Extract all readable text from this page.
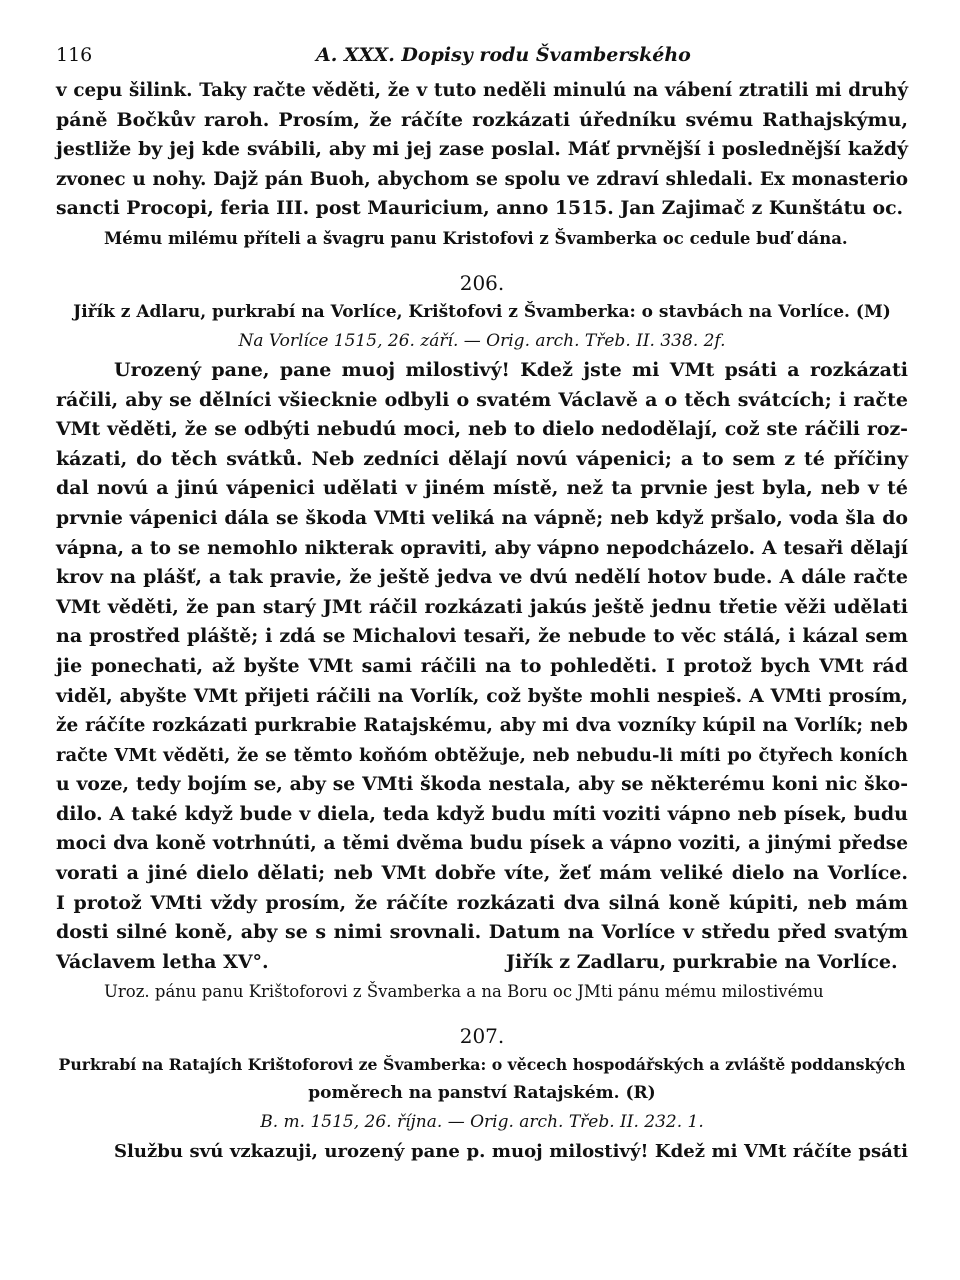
116	A. XXX. Dopisy rodu Švamberského
v cepu šilink. Taky račte věděti, že v tuto neděli minulú na vábení ztratili mi druhý
páně Bočkův raroh. Prosím, že ráčíte rozkázati úředníku svému Rathajskýmu,
jestliže by jej kde svábili, aby mi jej zase poslal. Máť prvnější i poslednější každý
zvonec u nohy. Dajž pán Buoh, abychom se spolu ve zdraví shledali. Ex monasterio
sancti Procopi, feria III. post Mauricium, anno 1515. Jan Zajimač z Kunštátu oc.
Mému milému příteli a švagru panu Kristofovi z Švamberka oc cedule buď dána.
206.
Jiřík z Adlaru, purkrabí na Vorlíce, Krištofovi z Švamberka: o stavbách na Vorlíce. (M)
Na Vorlíce 1515, 26. září. — Orig. arch. Třeb. II. 338. 2f.
Urozený pane, pane muoj milostivý! Kdež jste mi VMt psáti a rozkázati
ráčili, aby se dělníci všiecknie odbyli o svatém Václavě a o těch svátcích; i račte
VMt věděti, že se odbýti nebudú moci, neb to dielo nedodělají, což ste ráčili roz-
kázati, do těch svátků. Neb zedníci dělají novú vápenici; a to sem z té příčiny
dal novú a jinú vápenici udělati v jiném místě, než ta prvnie jest byla, neb v té
prvnie vápenici dála se škoda VMti veliká na vápně; neb když pršalo, voda šla do
vápna, a to se nemohlo nikterak opraviti, aby vápno nepodcházelo. A tesaři dělají
krov na plášť, a tak pravie, že ještě jedva ve dvú nedělí hotov bude. A dále račte
VMt věděti, že pan starý JMt ráčil rozkázati jakús ještě jednu třetie věži udělati
na prostřed pláště; i zdá se Michalovi tesaři, že nebude to věc stálá, i kázal sem
jie ponechati, až byšte VMt sami ráčili na to pohleděti. I protož bych VMt rád
viděl, abyšte VMt přijeti ráčili na Vorlík, což byšte mohli nespieš. A VMti prosím,
že ráčíte rozkázati purkrabie Ratajskému, aby mi dva vozníky kúpil na Vorlík; neb
račte VMt věděti, že se těmto koňóm obtěžuje, neb nebudu-li míti po čtyřech koních
u voze, tedy bojím se, aby se VMti škoda nestala, aby se některému koni nic ško-
dilo. A také když bude v diela, teda když budu míti voziti vápno neb písek, budu
moci dva koně votrhnúti, a těmi dvěma budu písek a vápno voziti, a jinými předse
vorati a jiné dielo dělati; neb VMt dobře víte, žeť mám veliké dielo na Vorlíce.
I protož VMti vždy prosím, že ráčíte rozkázati dva silná koně kúpiti, neb mám
dosti silné koně, aby se s nimi srovnali. Datum na Vorlíce v středu před svatým
Václavem letha XV°.	Jiřík z Zadlaru, purkrabie na Vorlíce.
Uroz. pánu panu Krištoforovi z Švamberka a na Boru oc JMti pánu mému milostivému
207.
Purkrabí na Ratajích Krištoforovi ze Švamberka: o věcech hospodářských a zvláště poddanských
poměrech na panství Ratajském. (R)
B. m. 1515, 26. října. — Orig. arch. Třeb. II. 232. 1.
Službu svú vzkazuji, urozený pane p. muoj milostivý! Kdež mi VMt ráčíte psáti
